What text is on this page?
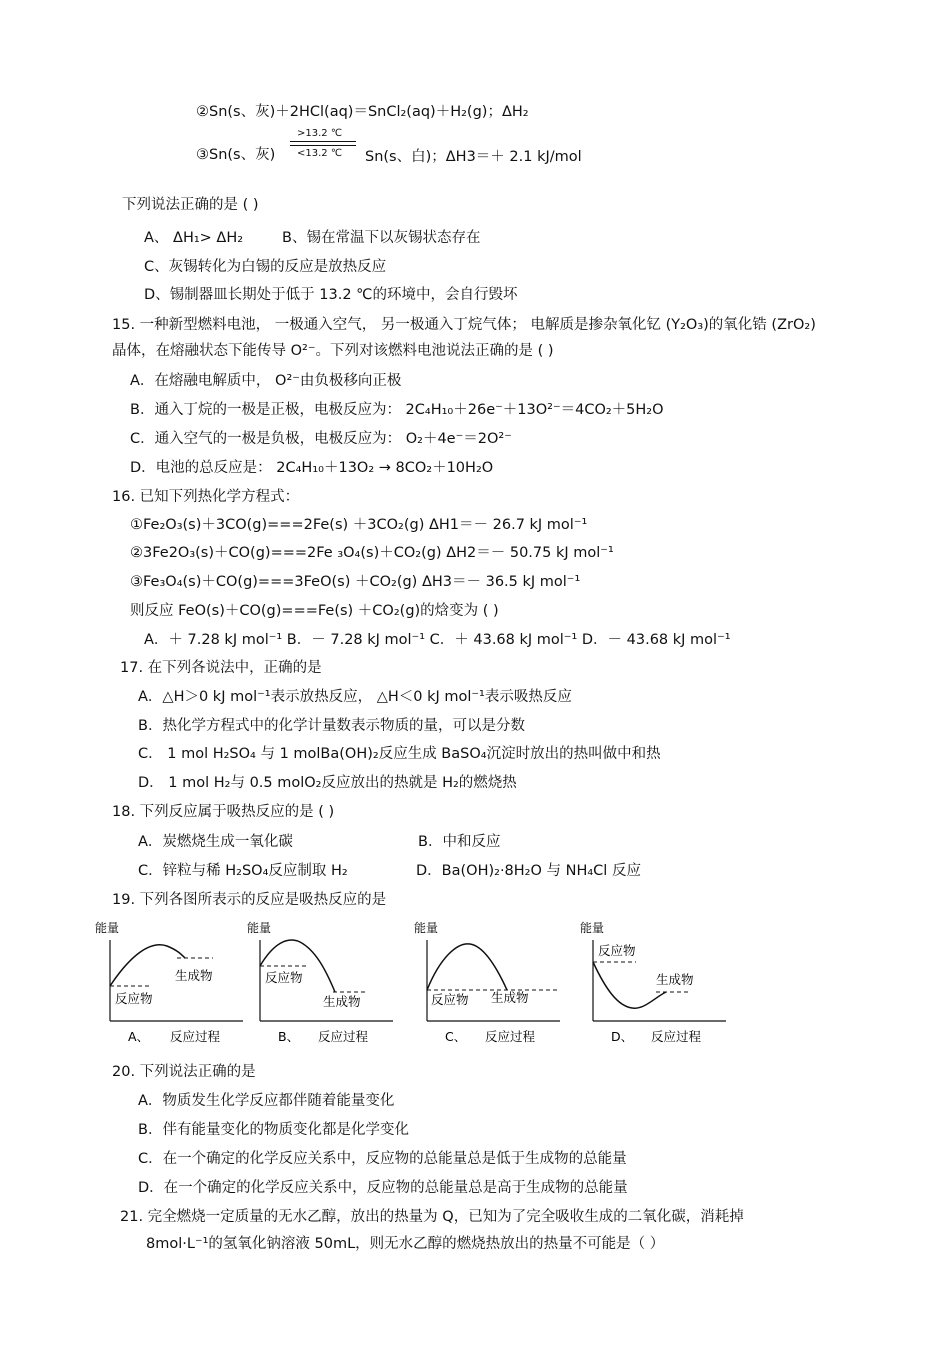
②Sn(s、灰)＋2HCl(aq)＝SnCl₂(aq)＋H₂(g)；ΔH₂
③Sn(s、灰)
>13.2 ℃
<13.2 ℃ Sn(s、白)；ΔH3＝＋ 2.1 kJ/mol
下列说法正确的是 ( )
A、 ΔH₁> ΔH₂	B、锡在常温下以灰锡状态存在
C、灰锡转化为白锡的反应是放热反应
D、锡制器皿长期处于低于 13.2 ℃的环境中，会自行毁坏
15. 一种新型燃料电池， 一极通入空气， 另一极通入丁烷气体； 电解质是掺杂氧化钇 (Y₂O₃)的氧化锆 (ZrO₂)
晶体，在熔融状态下能传导 O²⁻。下列对该燃料电池说法正确的是 ( )
A．在熔融电解质中， O²⁻由负极移向正极
B．通入丁烷的一极是正极，电极反应为： 2C₄H₁₀＋26e⁻＋13O²⁻＝4CO₂＋5H₂O
C．通入空气的一极是负极，电极反应为： O₂＋4e⁻＝2O²⁻
D．电池的总反应是： 2C₄H₁₀＋13O₂ → 8CO₂＋10H₂O
16. 已知下列热化学方程式：
①Fe₂O₃(s)＋3CO(g)===2Fe(s) ＋3CO₂(g) ΔH1＝－ 26.7 kJ mol⁻¹
②3Fe2O₃(s)＋CO(g)===2Fe ₃O₄(s)＋CO₂(g) ΔH2＝－ 50.75 kJ mol⁻¹
③Fe₃O₄(s)＋CO(g)===3FeO(s) ＋CO₂(g) ΔH3＝－ 36.5 kJ mol⁻¹
则反应 FeO(s)＋CO(g)===Fe(s) ＋CO₂(g)的焓变为 ( )
A．＋ 7.28 kJ mol⁻¹ B．－ 7.28 kJ mol⁻¹ C．＋ 43.68 kJ mol⁻¹ D．－ 43.68 kJ mol⁻¹
17. 在下列各说法中，正确的是
A．△H＞0 kJ mol⁻¹表示放热反应， △H＜0 kJ mol⁻¹表示吸热反应
B．热化学方程式中的化学计量数表示物质的量，可以是分数
C． 1 mol H₂SO₄ 与 1 molBa(OH)₂反应生成 BaSO₄沉淀时放出的热叫做中和热
D． 1 mol H₂与 0.5 molO₂反应放出的热就是 H₂的燃烧热
18. 下列反应属于吸热反应的是 ( )
A．炭燃烧生成一氧化碳	B．中和反应
C．锌粒与稀 H₂SO₄反应制取 H₂	D．Ba(OH)₂·8H₂O 与 NH₄Cl 反应
19. 下列各图所表示的反应是吸热反应的是
能量
反应物
生成物
A、 反应过程
能量
反应物
生成物
B、 反应过程
能量
反应物 生成物
C、 反应过程
能量
反应物
生成物
D、 反应过程
20. 下列说法正确的是
A．物质发生化学反应都伴随着能量变化
B．伴有能量变化的物质变化都是化学变化
C．在一个确定的化学反应关系中，反应物的总能量总是低于生成物的总能量
D．在一个确定的化学反应关系中，反应物的总能量总是高于生成物的总能量
21. 完全燃烧一定质量的无水乙醇，放出的热量为 Q，已知为了完全吸收生成的二氧化碳，消耗掉
8mol·L⁻¹的氢氧化钠溶液 50mL，则无水乙醇的燃烧热放出的热量不可能是（ ）
